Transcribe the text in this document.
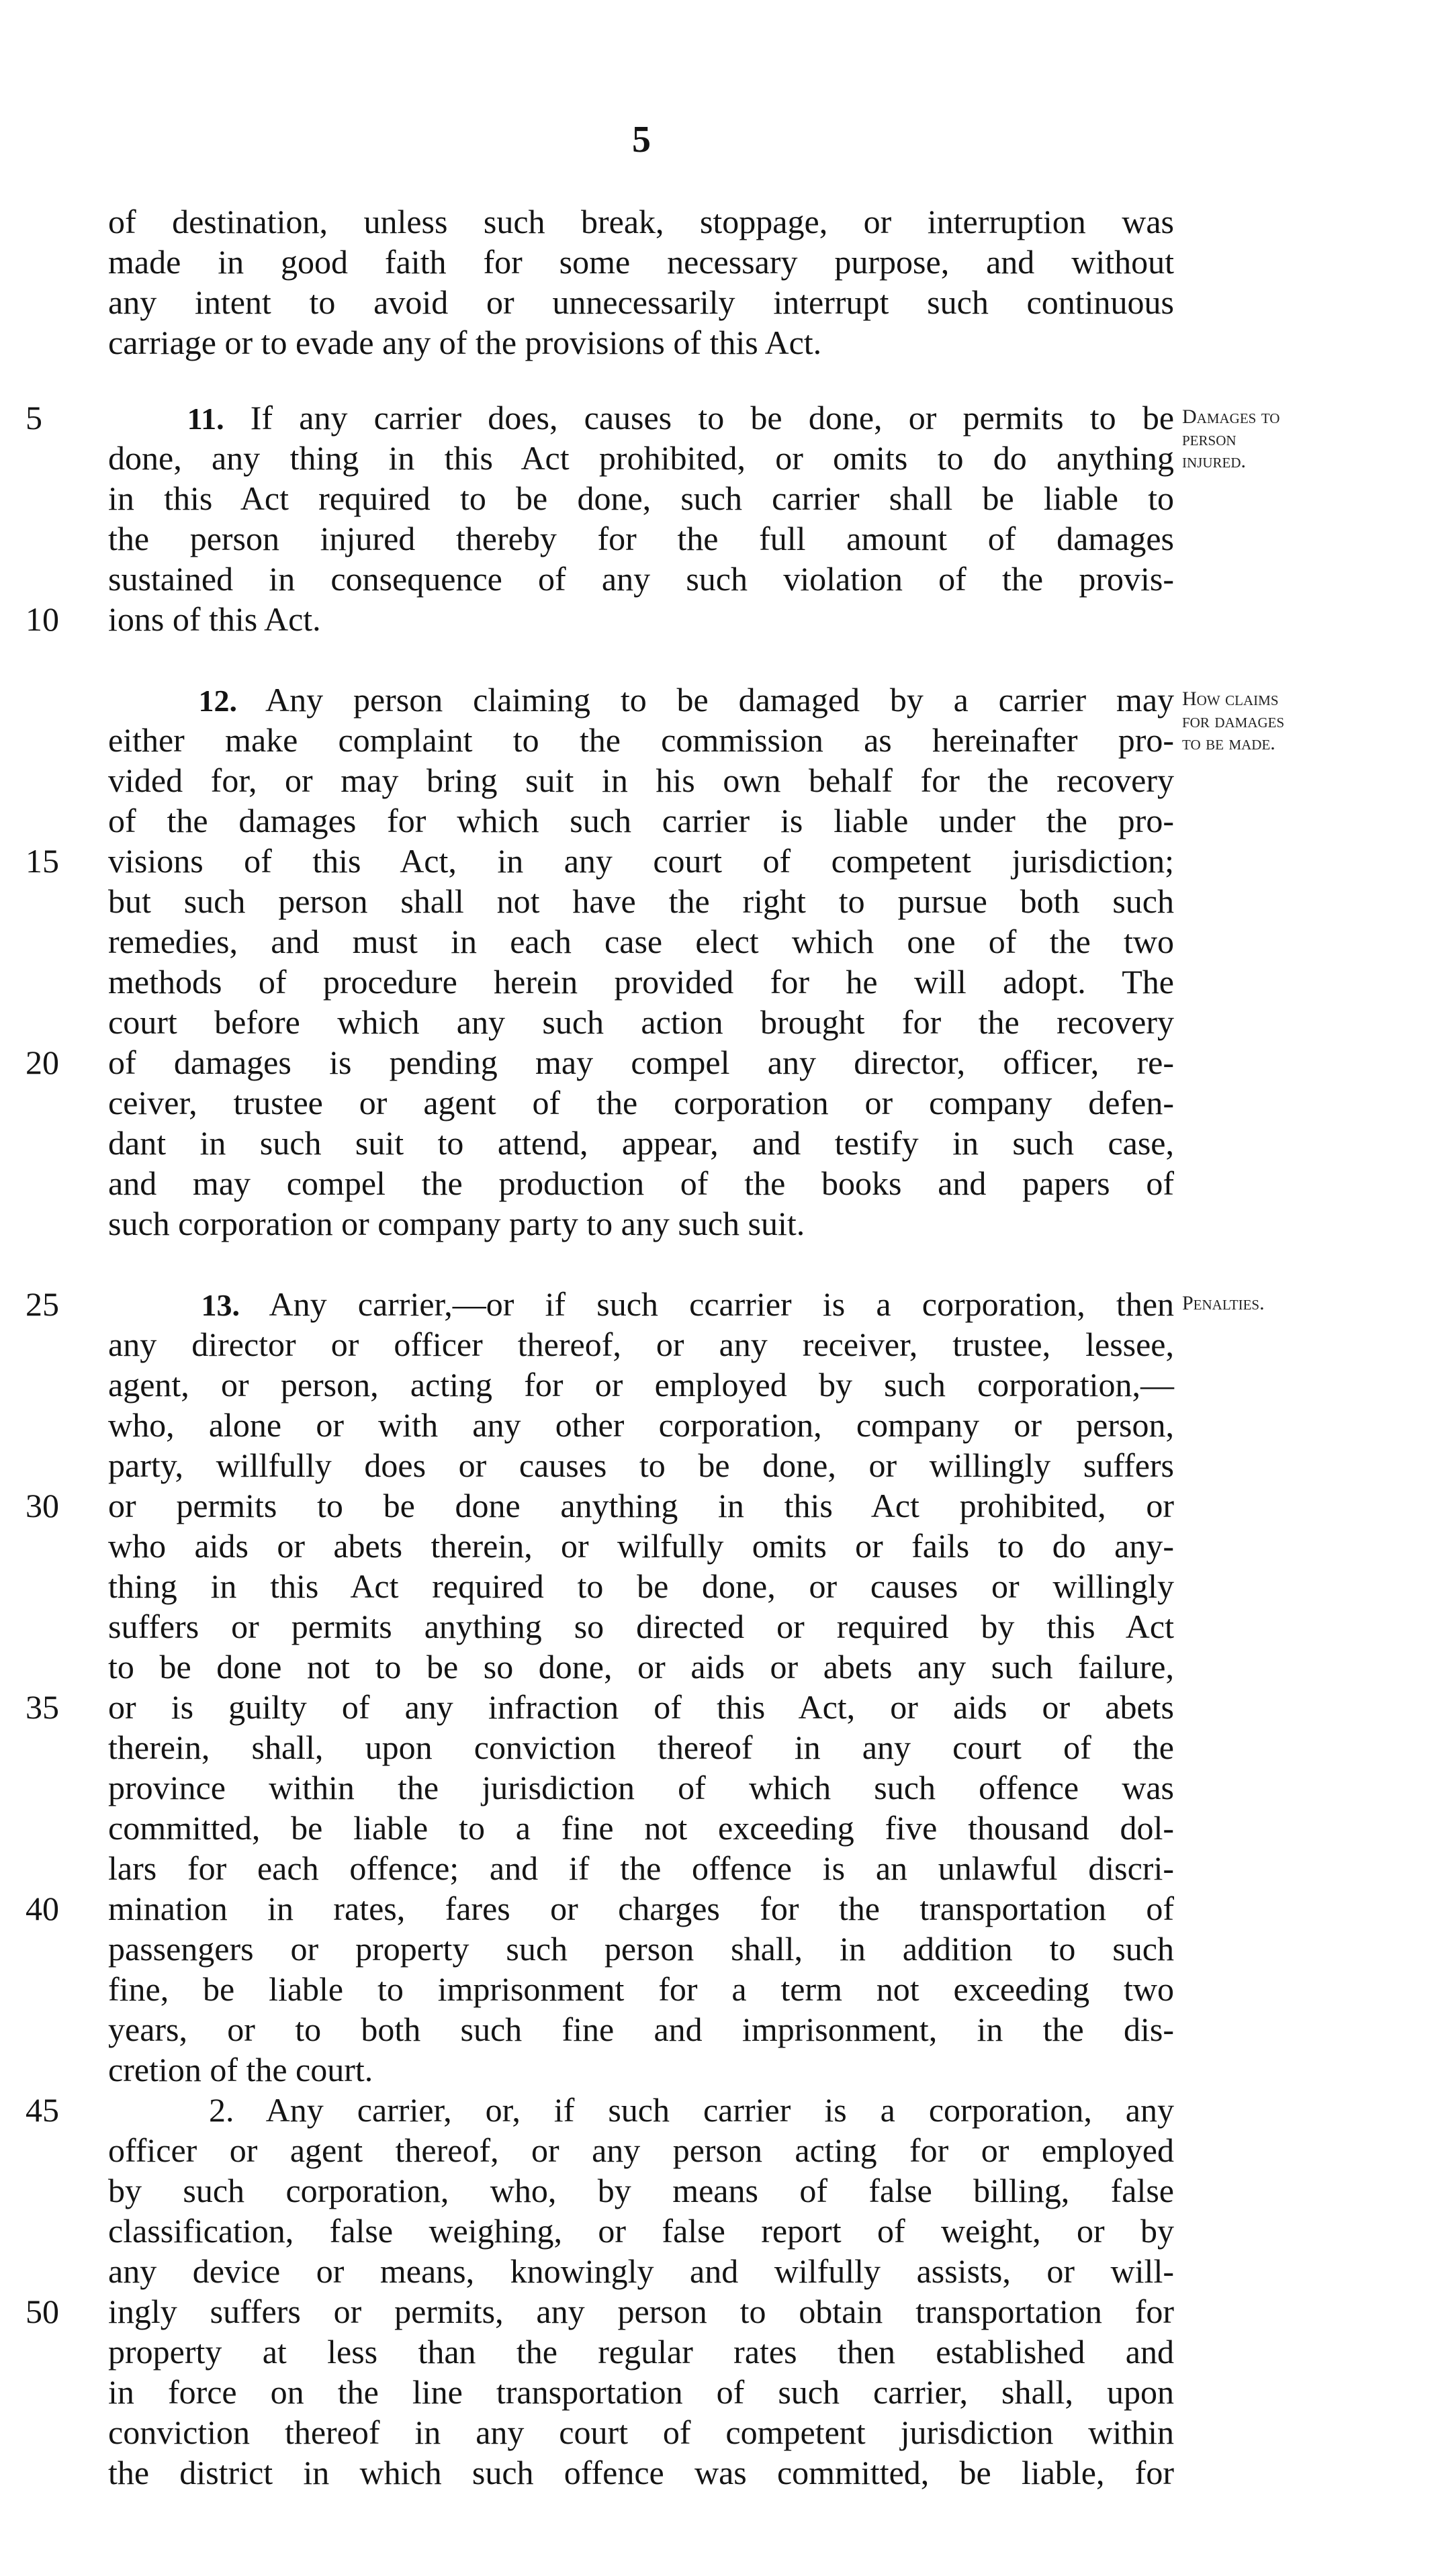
5
of destination, unless such break, stoppage, or interruption was
made in good faith for some necessary purpose, and without
any intent to avoid or unnecessarily interrupt such continuous
carriage or to evade any of the provisions of this Act.
11. If any carrier does, causes to be done, or permits to be
done, any thing in this Act prohibited, or omits to do anything
in this Act required to be done, such carrier shall be liable to
the person injured thereby for the full amount of damages
sustained in consequence of any such violation of the provis-
ions of this Act.
12. Any person claiming to be damaged by a carrier may
either make complaint to the commission as hereinafter pro-
vided for, or may bring suit in his own behalf for the recovery
of the damages for which such carrier is liable under the pro-
visions of this Act, in any court of competent jurisdiction;
but such person shall not have the right to pursue both such
remedies, and must in each case elect which one of the two
methods of procedure herein provided for he will adopt. The
court before which any such action brought for the recovery
of damages is pending may compel any director, officer, re-
ceiver, trustee or agent of the corporation or company defen-
dant in such suit to attend, appear, and testify in such case,
and may compel the production of the books and papers of
such corporation or company party to any such suit.
13. Any carrier,—or if such ccarrier is a corporation, then
any director or officer thereof, or any receiver, trustee, lessee,
agent, or person, acting for or employed by such corporation,—
who, alone or with any other corporation, company or person,
party, willfully does or causes to be done, or willingly suffers
or permits to be done anything in this Act prohibited, or
who aids or abets therein, or wilfully omits or fails to do any-
thing in this Act required to be done, or causes or willingly
suffers or permits anything so directed or required by this Act
to be done not to be so done, or aids or abets any such failure,
or is guilty of any infraction of this Act, or aids or abets
therein, shall, upon conviction thereof in any court of the
province within the jurisdiction of which such offence was
committed, be liable to a fine not exceeding five thousand dol-
lars for each offence; and if the offence is an unlawful discri-
mination in rates, fares or charges for the transportation of
passengers or property such person shall, in addition to such
fine, be liable to imprisonment for a term not exceeding two
years, or to both such fine and imprisonment, in the dis-
cretion of the court.
2. Any carrier, or, if such carrier is a corporation, any
officer or agent thereof, or any person acting for or employed
by such corporation, who, by means of false billing, false
classification, false weighing, or false report of weight, or by
any device or means, knowingly and wilfully assists, or will-
ingly suffers or permits, any person to obtain transportation for
property at less than the regular rates then established and
in force on the line transportation of such carrier, shall, upon
conviction thereof in any court of competent jurisdiction within
the district in which such offence was committed, be liable, for
5
10
15
20
25
30
35
40
45
50
Damages to
person
injured.
How claims
for damages
to be made.
Penalties.
